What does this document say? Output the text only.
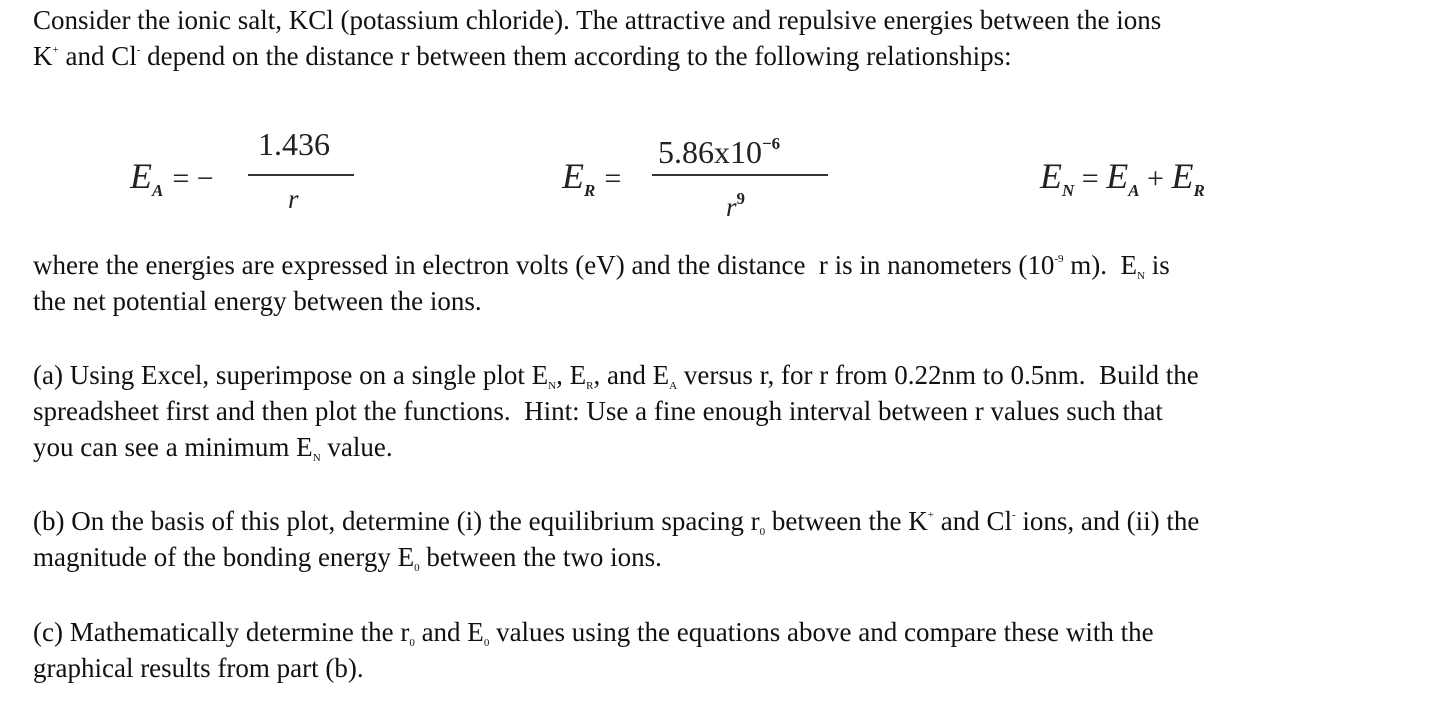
Consider the ionic salt, KCl (potassium chloride). The attractive and repulsive energies between the ions
K+ and Cl- depend on the distance r between them according to the following relationships:
$E_A$ = −
1.436
r
$E_R$ =
$5.86x10^{-6}$
$r^9$
$E_N = E_A + E_R$
where the energies are expressed in electron volts (eV) and the distance  r is in nanometers ($10^{-9}$ m).  $E_N$ is
the net potential energy between the ions.
(a) Using Excel, superimpose on a single plot $E_N$, $E_R$, and $E_A$ versus r, for r from 0.22nm to 0.5nm.  Build the
spreadsheet first and then plot the functions.  Hint: Use a fine enough interval between r values such that
you can see a minimum $E_N$ value.
(b) On the basis of this plot, determine (i) the equilibrium spacing $r_0$ between the K+ and Cl- ions, and (ii) the
magnitude of the bonding energy $E_0$ between the two ions.
(c) Mathematically determine the $r_0$ and $E_0$ values using the equations above and compare these with the
graphical results from part (b).
